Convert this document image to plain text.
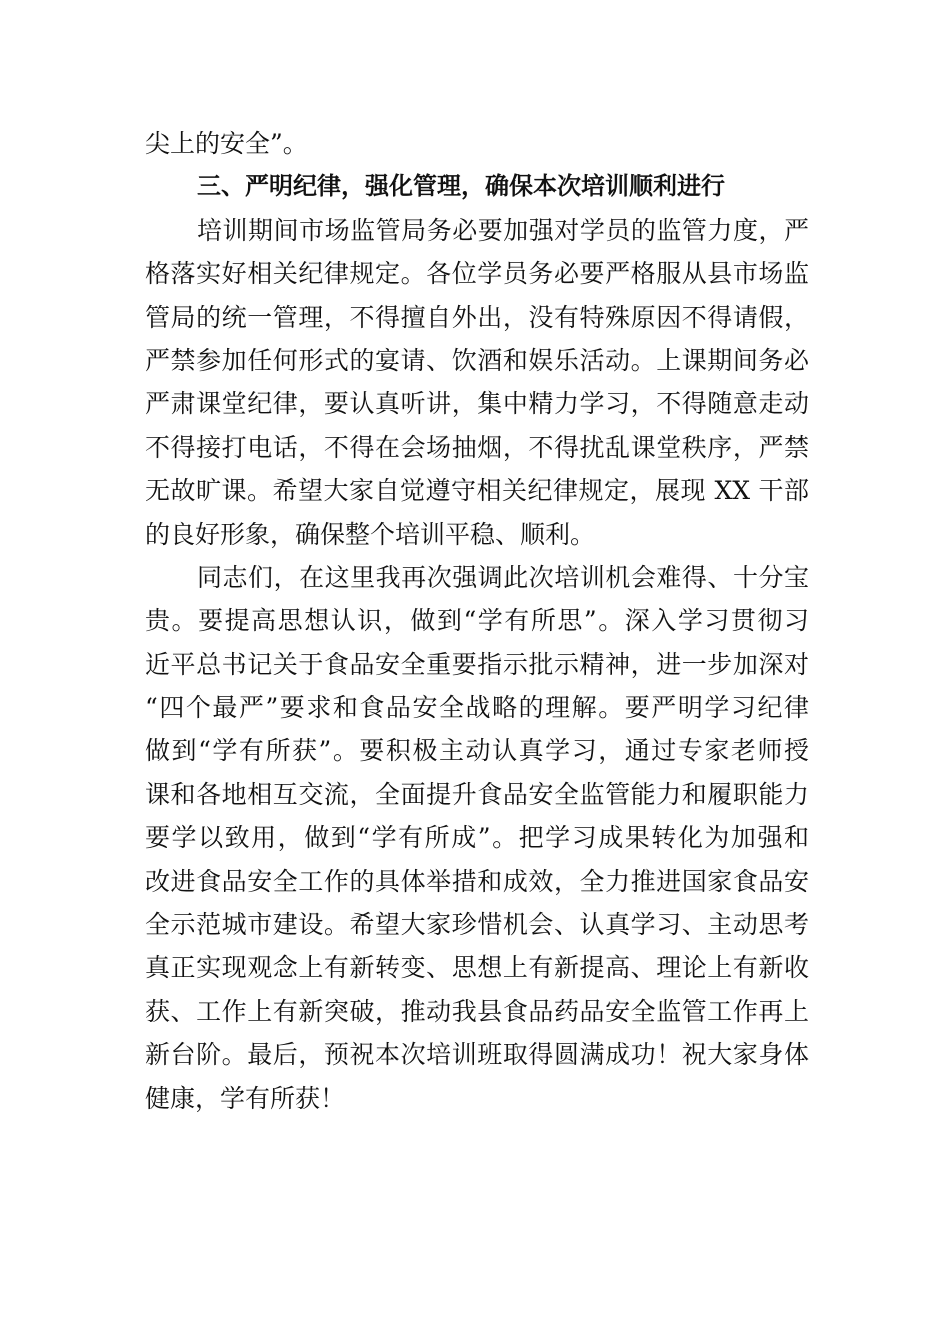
尖上的安全”。
三、严明纪律，强化管理，确保本次培训顺利进行
培训期间市场监管局务必要加强对学员的监管力度，严
格落实好相关纪律规定。各位学员务必要严格服从县市场监
管局的统一管理，不得擅自外出，没有特殊原因不得请假，
严禁参加任何形式的宴请、饮酒和娱乐活动。上课期间务必
严肃课堂纪律，要认真听讲，集中精力学习，不得随意走动
不得接打电话，不得在会场抽烟，不得扰乱课堂秩序，严禁
无故旷课。希望大家自觉遵守相关纪律规定，展现 XX 干部
的良好形象，确保整个培训平稳、顺利。
同志们，在这里我再次强调此次培训机会难得、十分宝
贵。要提高思想认识，做到“学有所思”。深入学习贯彻习
近平总书记关于食品安全重要指示批示精神，进一步加深对
“四个最严”要求和食品安全战略的理解。要严明学习纪律
做到“学有所获”。要积极主动认真学习，通过专家老师授
课和各地相互交流，全面提升食品安全监管能力和履职能力
要学以致用，做到“学有所成”。把学习成果转化为加强和
改进食品安全工作的具体举措和成效，全力推进国家食品安
全示范城市建设。希望大家珍惜机会、认真学习、主动思考
真正实现观念上有新转变、思想上有新提高、理论上有新收
获、工作上有新突破，推动我县食品药品安全监管工作再上
新台阶。最后，预祝本次培训班取得圆满成功！祝大家身体
健康，学有所获！
